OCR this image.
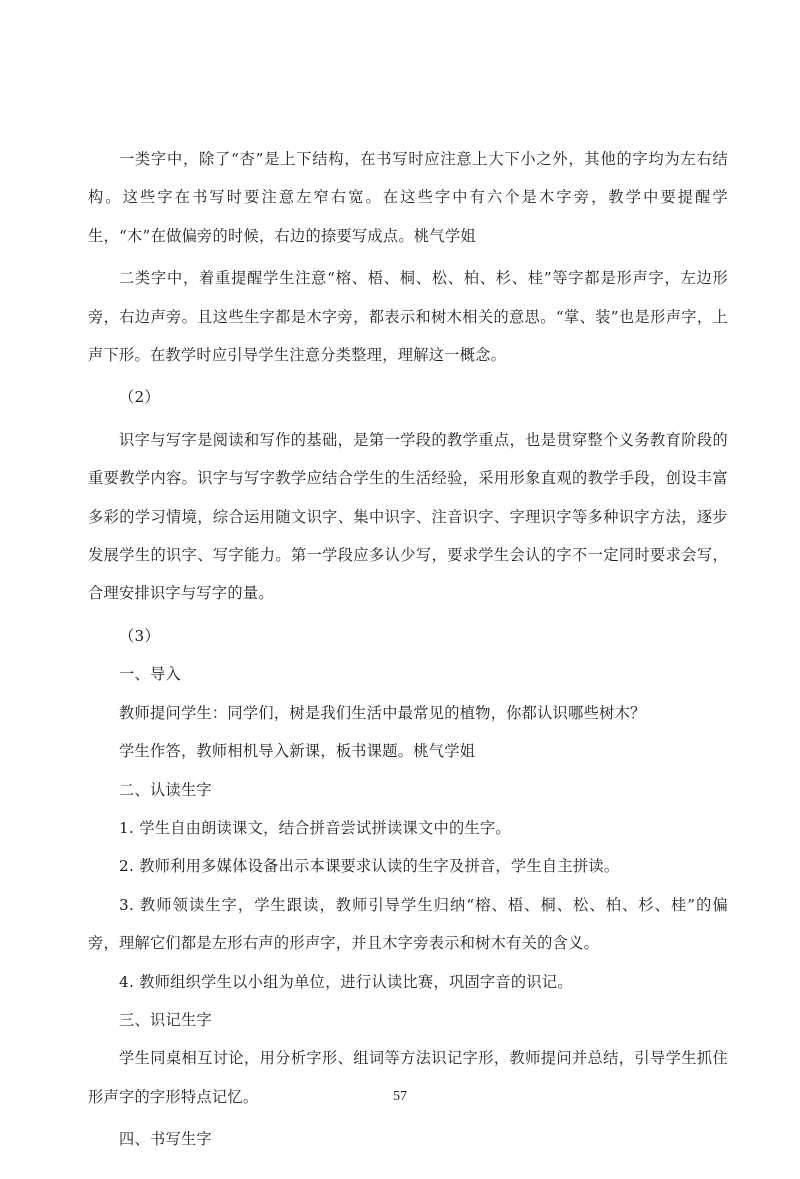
一类字中，除了“杏”是上下结构，在书写时应注意上大下小之外，其他的字均为左右结构。这些字在书写时要注意左窄右宽。在这些字中有六个是木字旁，教学中要提醒学生，“木”在做偏旁的时候，右边的捺要写成点。桃气学姐

二类字中，着重提醒学生注意“榕、梧、桐、松、柏、杉、桂”等字都是形声字，左边形旁，右边声旁。且这些生字都是木字旁，都表示和树木相关的意思。“掌、装”也是形声字，上声下形。在教学时应引导学生注意分类整理，理解这一概念。

（2）

识字与写字是阅读和写作的基础，是第一学段的教学重点，也是贯穿整个义务教育阶段的重要教学内容。识字与写字教学应结合学生的生活经验，采用形象直观的教学手段，创设丰富多彩的学习情境，综合运用随文识字、集中识字、注音识字、字理识字等多种识字方法，逐步发展学生的识字、写字能力。第一学段应多认少写，要求学生会认的字不一定同时要求会写，合理安排识字与写字的量。

（3）

一、导入

教师提问学生：同学们，树是我们生活中最常见的植物，你都认识哪些树木？

学生作答，教师相机导入新课，板书课题。桃气学姐

二、认读生字

1. 学生自由朗读课文，结合拼音尝试拼读课文中的生字。

2. 教师利用多媒体设备出示本课要求认读的生字及拼音，学生自主拼读。

3. 教师领读生字，学生跟读，教师引导学生归纳“榕、梧、桐、松、柏、杉、桂”的偏旁，理解它们都是左形右声的形声字，并且木字旁表示和树木有关的含义。

4. 教师组织学生以小组为单位，进行认读比赛，巩固字音的识记。

三、识记生字

学生同桌相互讨论，用分析字形、组词等方法识记字形，教师提问并总结，引导学生抓住形声字的字形特点记忆。

四、书写生字

57
